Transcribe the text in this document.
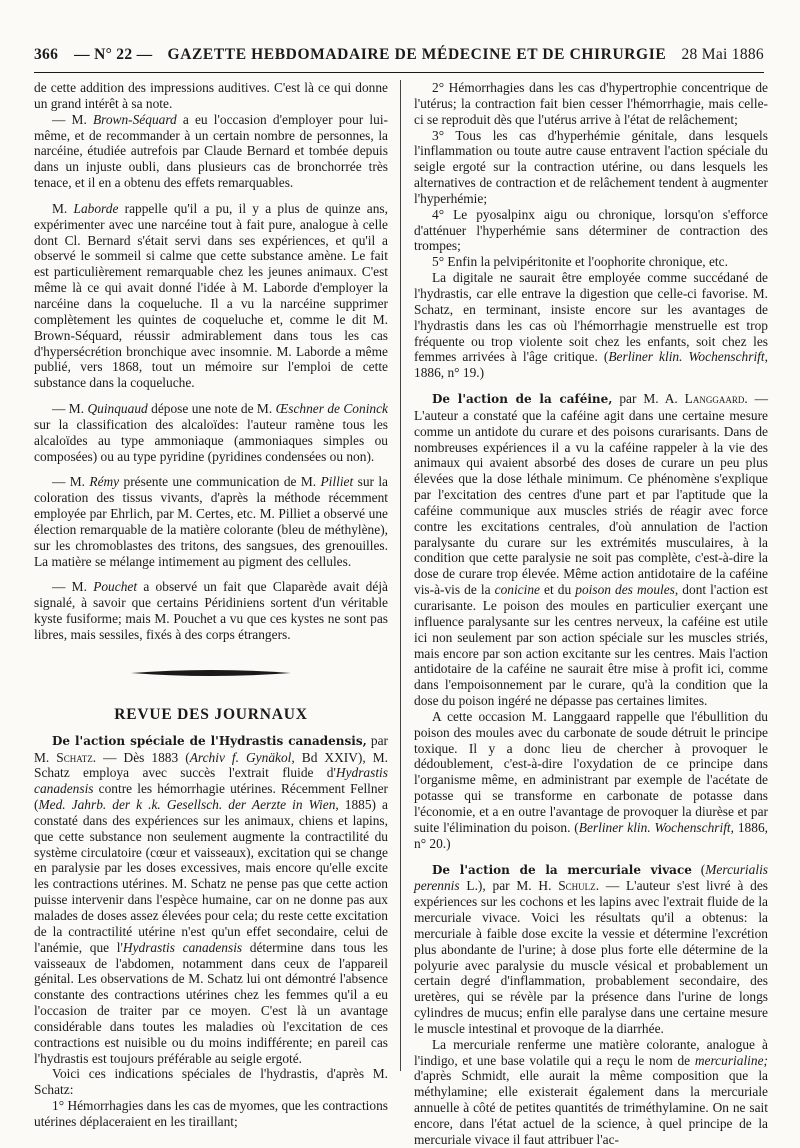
366 — N° 22 — GAZETTE HEBDOMADAIRE DE MÉDECINE ET DE CHIRURGIE 28 Mai 1886

de cette addition des impressions auditives. C'est là ce qui donne un grand intérêt à sa note.

— M. Brown-Séquard a eu l'occasion d'employer pour lui-même, et de recommander à un certain nombre de personnes, la narcéine, étudiée autrefois par Claude Bernard et tombée depuis dans un injuste oubli, dans plusieurs cas de bronchorrée très tenace, et il en a obtenu des effets remarquables.

M. Laborde rappelle qu'il a pu, il y a plus de quinze ans, expérimenter avec une narcéine tout à fait pure, analogue à celle dont Cl. Bernard s'était servi dans ses expériences, et qu'il a observé le sommeil si calme que cette substance amène. Le fait est particulièrement remarquable chez les jeunes animaux. C'est même là ce qui avait donné l'idée à M. Laborde d'employer la narcéine dans la coqueluche. Il a vu la narcéine supprimer complètement les quintes de coqueluche et, comme le dit M. Brown-Séquard, réussir admirablement dans tous les cas d'hypersécrétion bronchique avec insomnie. M. Laborde a même publié, vers 1868, tout un mémoire sur l'emploi de cette substance dans la coqueluche.

— M. Quinquaud dépose une note de M. Œschner de Coninck sur la classification des alcaloïdes: l'auteur ramène tous les alcaloïdes au type ammoniaque (ammoniaques simples ou composées) ou au type pyridine (pyridines condensées ou non).

— M. Rémy présente une communication de M. Pilliet sur la coloration des tissus vivants, d'après la méthode récemment employée par Ehrlich, par M. Certes, etc. M. Pilliet a observé une élection remarquable de la matière colorante (bleu de méthylène), sur les chromoblastes des tritons, des sangsues, des grenouilles. La matière se mélange intimement au pigment des cellules.

— M. Pouchet a observé un fait que Claparède avait déjà signalé, à savoir que certains Péridiniens sortent d'un véritable kyste fusiforme; mais M. Pouchet a vu que ces kystes ne sont pas libres, mais sessiles, fixés à des corps étrangers.

REVUE DES JOURNAUX

De l'action spéciale de l'Hydrastis canadensis, par M. Schatz. — Dès 1883 (Archiv f. Gynäkol, Bd XXIV), M. Schatz employa avec succès l'extrait fluide d'Hydrastis canadensis contre les hémorrhagie utérines. Récemment Fellner (Med. Jahrb. der k .k. Gesellsch. der Aerzte in Wien, 1885) a constaté dans des expériences sur les animaux, chiens et lapins, que cette substance non seulement augmente la contractilité du système circulatoire (cœur et vaisseaux), excitation qui se change en paralysie par les doses excessives, mais encore qu'elle excite les contractions utérines. M. Schatz ne pense pas que cette action puisse intervenir dans l'espèce humaine, car on ne donne pas aux malades de doses assez élevées pour cela; du reste cette excitation de la contractilité utérine n'est qu'un effet secondaire, celui de l'anémie, que l'Hydrastis canadensis détermine dans tous les vaisseaux de l'abdomen, notamment dans ceux de l'appareil génital. Les observations de M. Schatz lui ont démontré l'absence constante des contractions utérines chez les femmes qu'il a eu l'occasion de traiter par ce moyen. C'est là un avantage considérable dans toutes les maladies où l'excitation de ces contractions est nuisible ou du moins indifférente; en pareil cas l'hydrastis est toujours préférable au seigle ergoté.

Voici ces indications spéciales de l'hydrastis, d'après M. Schatz:

1° Hémorrhagies dans les cas de myomes, que les contractions utérines déplaceraient en les tiraillant;

2° Hémorrhagies dans les cas d'hypertrophie concentrique de l'utérus; la contraction fait bien cesser l'hémorrhagie, mais celle-ci se reproduit dès que l'utérus arrive à l'état de relâchement;

3° Tous les cas d'hyperhémie génitale, dans lesquels l'inflammation ou toute autre cause entravent l'action spéciale du seigle ergoté sur la contraction utérine, ou dans lesquels les alternatives de contraction et de relâchement tendent à augmenter l'hyperhémie;

4° Le pyosalpinx aigu ou chronique, lorsqu'on s'efforce d'atténuer l'hyperhémie sans déterminer de contraction des trompes;

5° Enfin la pelvipéritonite et l'oophorite chronique, etc.

La digitale ne saurait être employée comme succédané de l'hydrastis, car elle entrave la digestion que celle-ci favorise. M. Schatz, en terminant, insiste encore sur les avantages de l'hydrastis dans les cas où l'hémorrhagie menstruelle est trop fréquente ou trop violente soit chez les enfants, soit chez les femmes arrivées à l'âge critique. (Berliner klin. Wochenschrift, 1886, n° 19.)

De l'action de la caféine, par M. A. Langgaard. — L'auteur a constaté que la caféine agit dans une certaine mesure comme un antidote du curare et des poisons curarisants. Dans de nombreuses expériences il a vu la caféine rappeler à la vie des animaux qui avaient absorbé des doses de curare un peu plus élevées que la dose léthale minimum. Ce phénomène s'explique par l'excitation des centres d'une part et par l'aptitude que la caféine communique aux muscles striés de réagir avec force contre les excitations centrales, d'où annulation de l'action paralysante du curare sur les extrémités musculaires, à la condition que cette paralysie ne soit pas complète, c'est-à-dire la dose de curare trop élevée. Même action antidotaire de la caféine vis-à-vis de la conicine et du poison des moules, dont l'action est curarisante. Le poison des moules en particulier exerçant une influence paralysante sur les centres nerveux, la caféine est utile ici non seulement par son action spéciale sur les muscles striés, mais encore par son action excitante sur les centres. Mais l'action antidotaire de la caféine ne saurait être mise à profit ici, comme dans l'empoisonnement par le curare, qu'à la condition que la dose du poison ingéré ne dépasse pas certaines limites.

A cette occasion M. Langgaard rappelle que l'ébullition du poison des moules avec du carbonate de soude détruit le principe toxique. Il y a donc lieu de chercher à provoquer le dédoublement, c'est-à-dire l'oxydation de ce principe dans l'organisme même, en administrant par exemple de l'acétate de potasse qui se transforme en carbonate de potasse dans l'économie, et a en outre l'avantage de provoquer la diurèse et par suite l'élimination du poison. (Berliner klin. Wochenschrift, 1886, n° 20.)

De l'action de la mercuriale vivace (Mercurialis perennis L.), par M. H. Schulz. — L'auteur s'est livré à des expériences sur les cochons et les lapins avec l'extrait fluide de la mercuriale vivace. Voici les résultats qu'il a obtenus: la mercuriale à faible dose excite la vessie et détermine l'excrétion plus abondante de l'urine; à dose plus forte elle détermine de la polyurie avec paralysie du muscle vésical et probablement un certain degré d'inflammation, probablement secondaire, des uretères, qui se révèle par la présence dans l'urine de longs cylindres de mucus; enfin elle paralyse dans une certaine mesure le muscle intestinal et provoque de la diarrhée.

La mercuriale renferme une matière colorante, analogue à l'indigo, et une base volatile qui a reçu le nom de mercurialine; d'après Schmidt, elle aurait la même composition que la méthylamine; elle existerait également dans la mercuriale annuelle à côté de petites quantités de triméthylamine. On ne sait encore, dans l'état actuel de la science, à quel principe de la mercuriale vivace il faut attribuer l'ac-
